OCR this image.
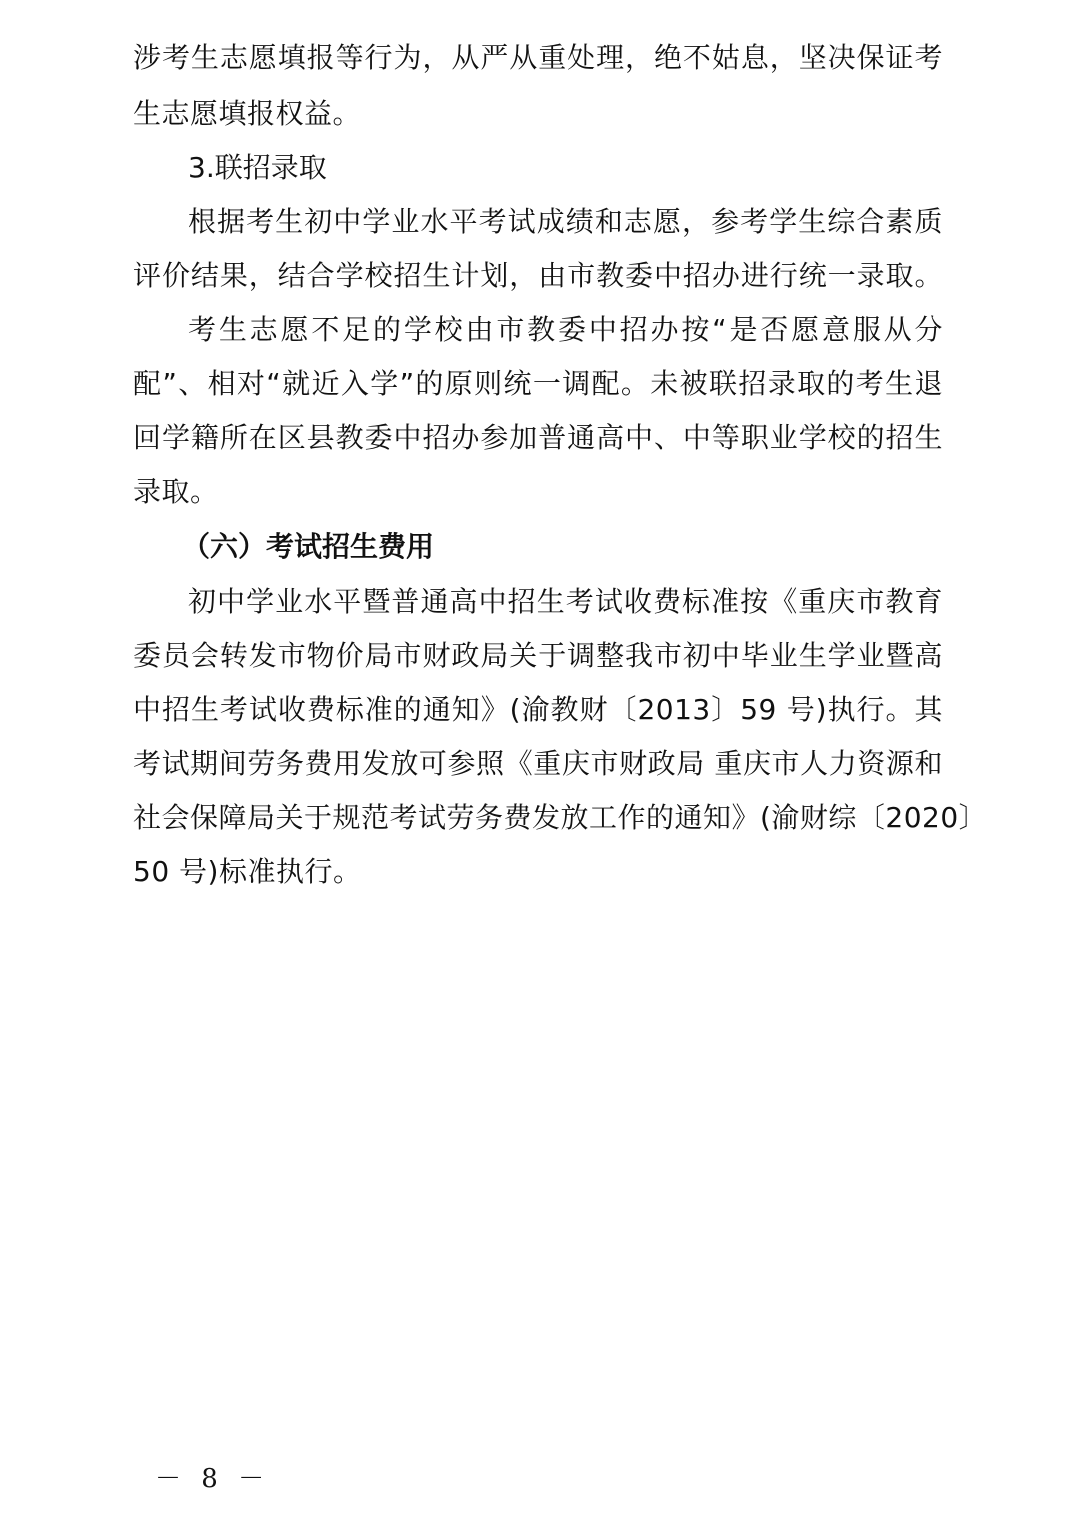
涉考生志愿填报等行为，从严从重处理，绝不姑息，坚决保证考
生志愿填报权益。
3.联招录取
根据考生初中学业水平考试成绩和志愿，参考学生综合素质
评价结果，结合学校招生计划，由市教委中招办进行统一录取。
考生志愿不足的学校由市教委中招办按“是否愿意服从分
配”、相对“就近入学”的原则统一调配。未被联招录取的考生退
回学籍所在区县教委中招办参加普通高中、中等职业学校的招生
录取。
（六）考试招生费用
初中学业水平暨普通高中招生考试收费标准按《重庆市教育
委员会转发市物价局市财政局关于调整我市初中毕业生学业暨高
中招生考试收费标准的通知》(渝教财〔2013〕59 号)执行。其
考试期间劳务费用发放可参照《重庆市财政局 重庆市人力资源和
社会保障局关于规范考试劳务费发放工作的通知》(渝财综〔2020〕
50 号)标准执行。
－ 8 －
